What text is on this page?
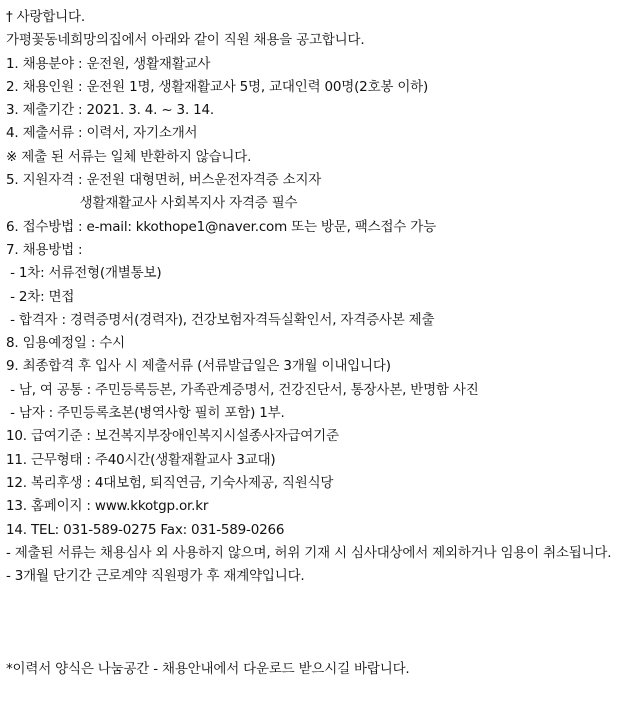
† 사랑합니다.
가평꽃동네희망의집에서 아래와 같이 직원 채용을 공고합니다.
1. 채용분야 : 운전원, 생활재활교사
2. 채용인원 : 운전원 1명, 생활재활교사 5명, 교대인력 00명(2호봉 이하)
3. 제출기간 : 2021. 3. 4. ~ 3. 14.
4. 제출서류 : 이력서, 자기소개서
※ 제출 된 서류는 일체 반환하지 않습니다.
5. 지원자격 : 운전원 대형면허, 버스운전자격증 소지자
생활재활교사 사회복지사 자격증 필수
6. 접수방법 : e-mail: kkothope1@naver.com 또는 방문, 팩스접수 가능
7. 채용방법 :
- 1차: 서류전형(개별통보)
- 2차: 면접
- 합격자 : 경력증명서(경력자), 건강보험자격득실확인서, 자격증사본 제출
8. 임용예정일 : 수시
9. 최종합격 후 입사 시 제출서류 (서류발급일은 3개월 이내입니다)
- 남, 여 공통 : 주민등록등본, 가족관계증명서, 건강진단서, 통장사본, 반명함 사진
- 남자 : 주민등록초본(병역사항 필히 포함) 1부.
10. 급여기준 : 보건복지부장애인복지시설종사자급여기준
11. 근무형태 : 주40시간(생활재활교사 3교대)
12. 복리후생 : 4대보험, 퇴직연금, 기숙사제공, 직원식당
13. 홈페이지 : www.kkotgp.or.kr
14. TEL: 031-589-0275 Fax: 031-589-0266
- 제출된 서류는 채용심사 외 사용하지 않으며, 허위 기재 시 심사대상에서 제외하거나 임용이 취소됩니다.
- 3개월 단기간 근로계약 직원평가 후 재계약입니다.
*이력서 양식은 나눔공간 - 채용안내에서 다운로드 받으시길 바랍니다.
